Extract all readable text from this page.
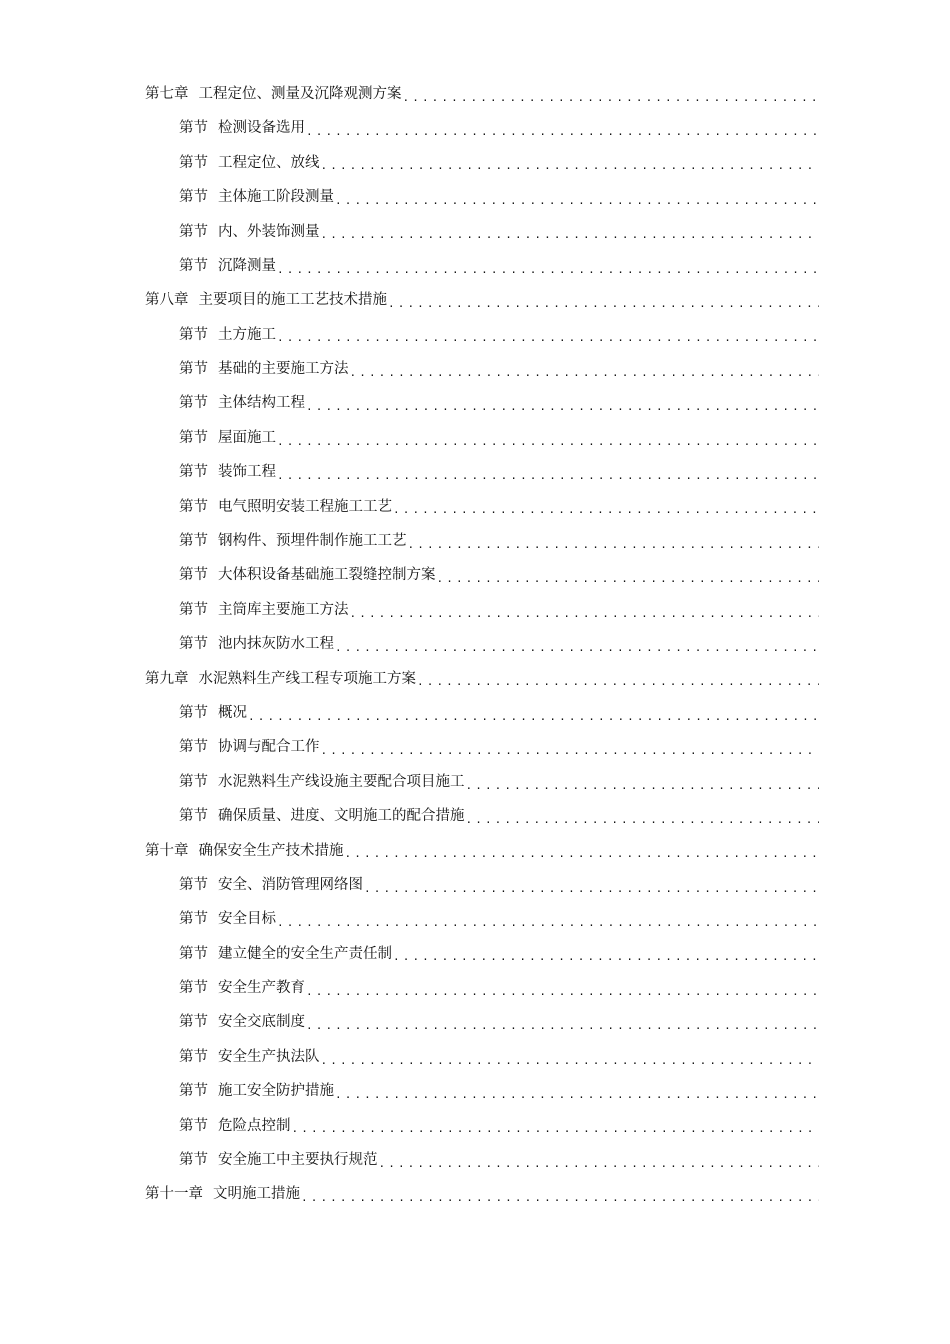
第七章 工程定位、测量及沉降观测方案
.....
第节 检测设备选用
.....
第节 工程定位、放线
.....
第节 主体施工阶段测量
.....
第节 内、外装饰测量
.....
第节 沉降测量
.....
第八章 主要项目的施工工艺技术措施
.....
第节 土方施工
.....
第节 基础的主要施工方法
.....
第节 主体结构工程
.....
第节 屋面施工
.....
第节 装饰工程
.....
第节 电气照明安装工程施工工艺
.....
第节 钢构件、预埋件制作施工工艺
.....
第节 大体积设备基础施工裂缝控制方案
.....
第节 主筒库主要施工方法
.....
第节 池内抹灰防水工程
.....
第九章 水泥熟料生产线工程专项施工方案
.....
第节 概况
.....
第节 协调与配合工作
.....
第节 水泥熟料生产线设施主要配合项目施工
.....
第节 确保质量、进度、文明施工的配合措施
.....
第十章 确保安全生产技术措施
.....
第节 安全、消防管理网络图
.....
第节 安全目标
.....
第节 建立健全的安全生产责任制
.....
第节 安全生产教育
.....
第节 安全交底制度
.....
第节 安全生产执法队
.....
第节 施工安全防护措施
.....
第节 危险点控制
.....
第节 安全施工中主要执行规范
.....
第十一章 文明施工措施
.....
